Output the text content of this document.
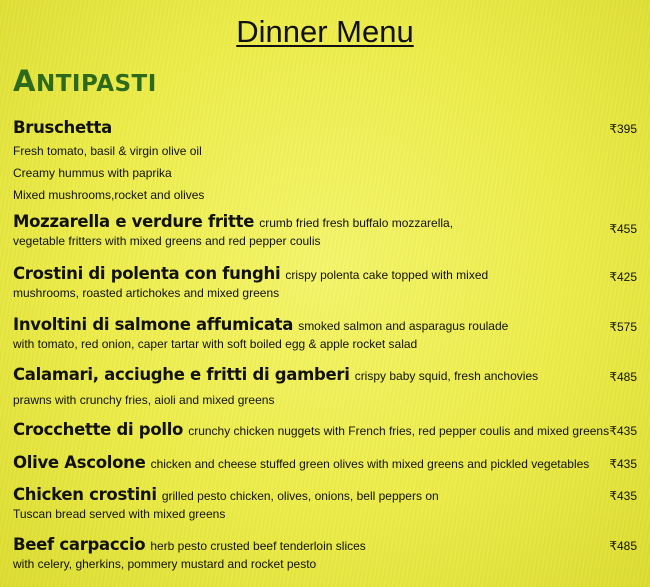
Dinner Menu
ANTIPASTI
Bruschetta
Fresh tomato, basil & virgin olive oil
Creamy hummus with paprika
Mixed mushrooms,rocket and olives
₹395
Mozzarella e verdure fritte crumb fried fresh buffalo mozzarella,
vegetable fritters with mixed greens and red pepper coulis
₹455
Crostini di polenta con funghi crispy polenta cake topped with mixed
mushrooms, roasted artichokes and mixed greens
₹425
Involtini di salmone affumicata smoked salmon and asparagus roulade
with tomato, red onion, caper tartar with soft boiled egg & apple rocket salad
₹575
Calamari, acciughe e fritti di gamberi crispy baby squid, fresh anchovies
prawns with crunchy fries, aioli and mixed greens
₹485
Crocchette di pollo crunchy chicken nuggets with French fries, red pepper coulis and mixed greens ₹435
Olive Ascolone chicken and cheese stuffed green olives with mixed greens and pickled vegetables	₹435
Chicken crostini grilled pesto chicken, olives, onions, bell peppers on
Tuscan bread served with mixed greens
₹435
Beef carpaccio herb pesto crusted beef tenderloin slices
with celery, gherkins, pommery mustard and rocket pesto
₹485
